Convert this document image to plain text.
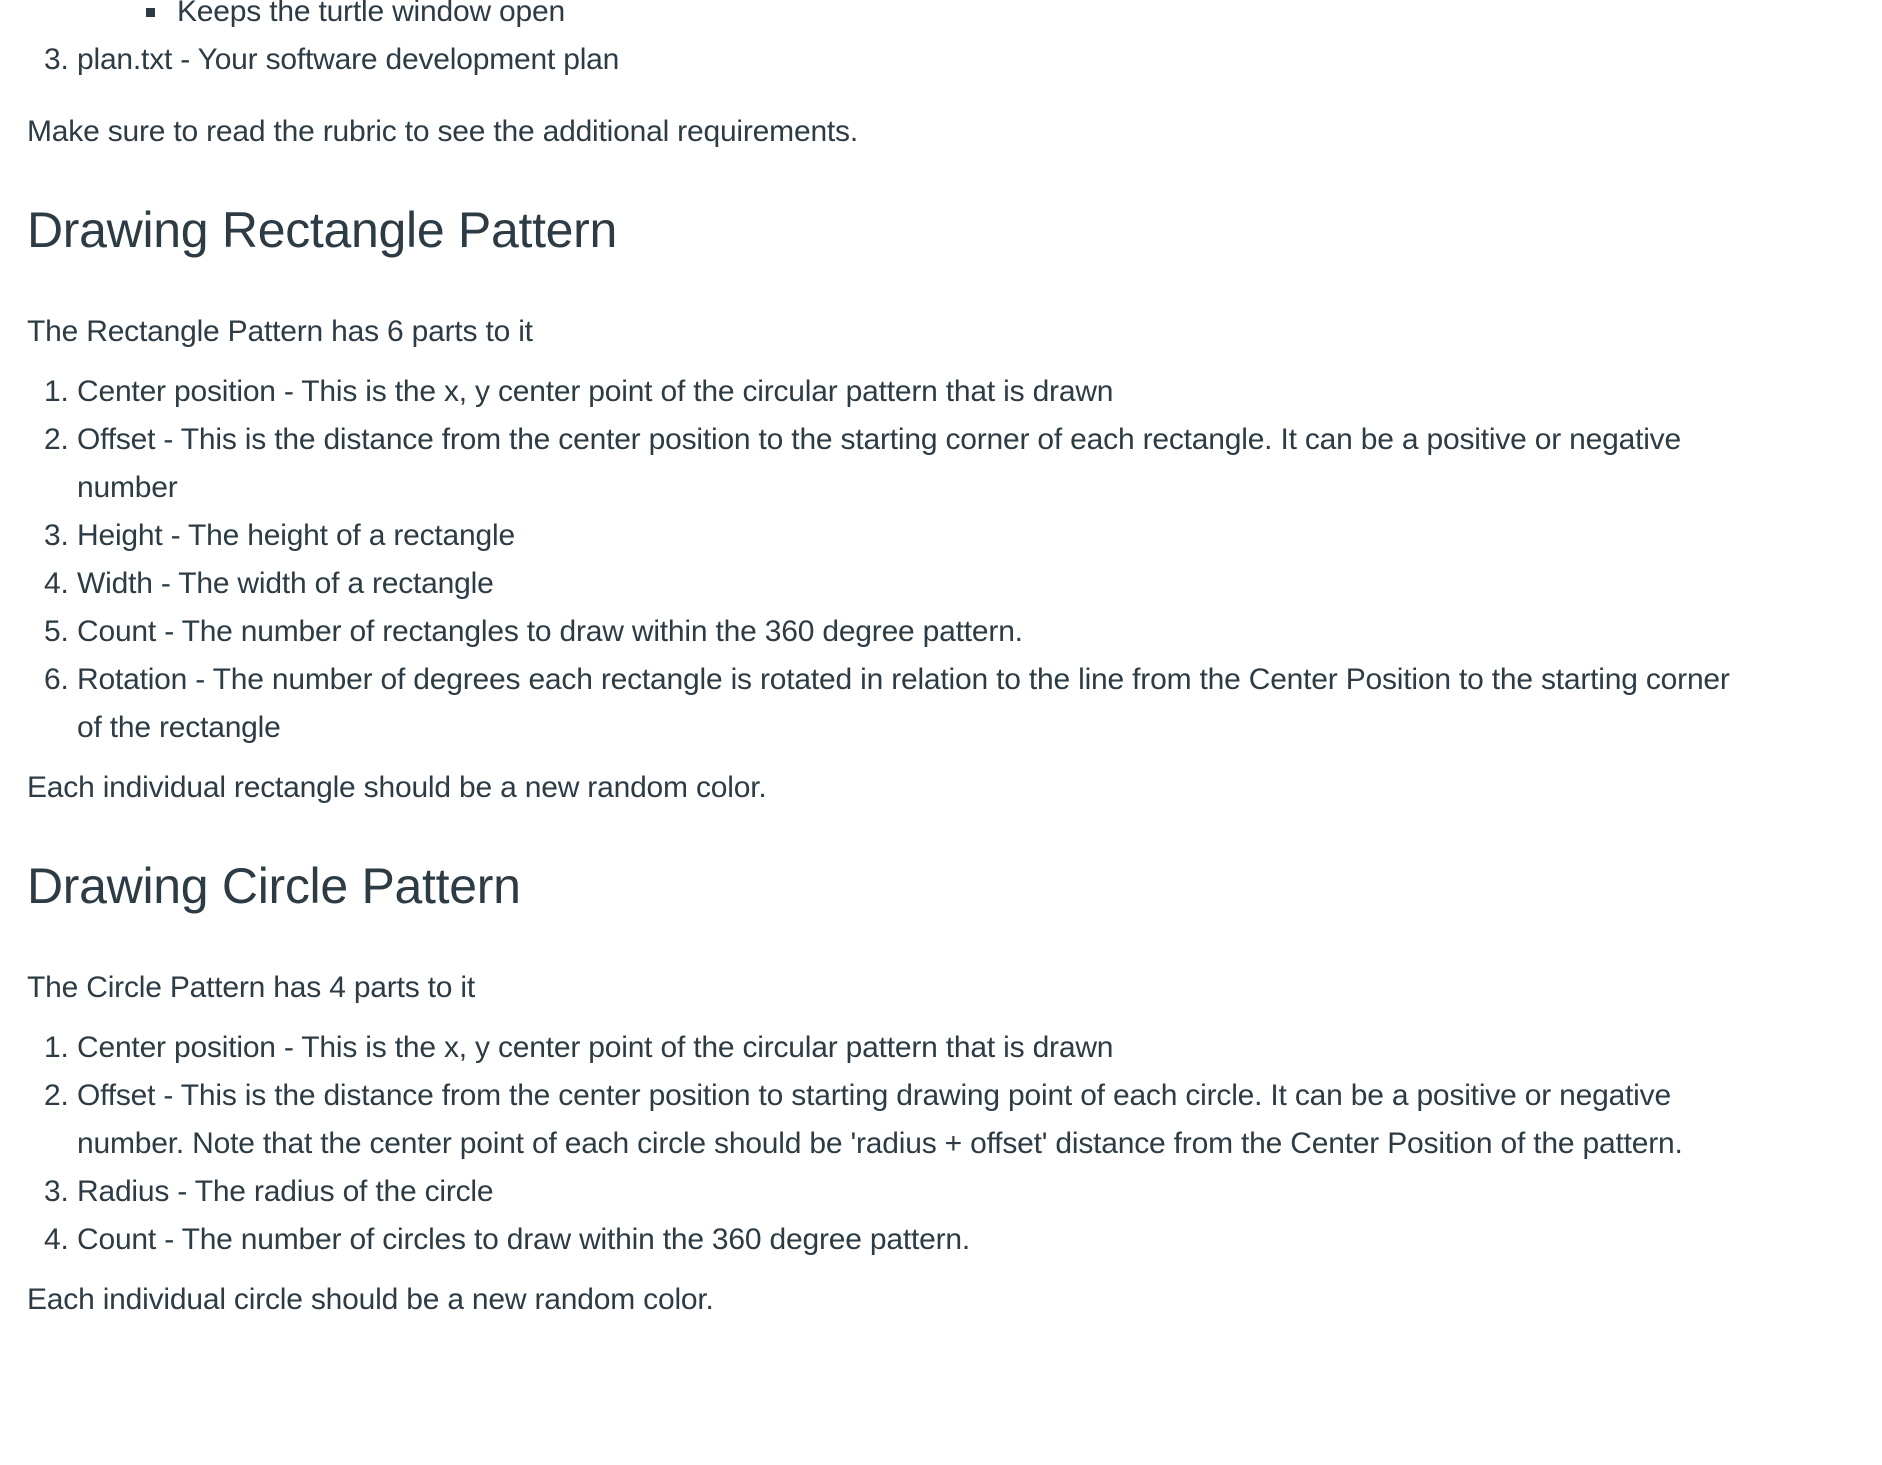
Keeps the turtle window open
3. plan.txt - Your software development plan

Make sure to read the rubric to see the additional requirements.

Drawing Rectangle Pattern

The Rectangle Pattern has 6 parts to it

1. Center position - This is the x, y center point of the circular pattern that is drawn
2. Offset - This is the distance from the center position to the starting corner of each rectangle. It can be a positive or negative number
3. Height - The height of a rectangle
4. Width - The width of a rectangle
5. Count - The number of rectangles to draw within the 360 degree pattern.
6. Rotation - The number of degrees each rectangle is rotated in relation to the line from the Center Position to the starting corner of the rectangle

Each individual rectangle should be a new random color.

Drawing Circle Pattern

The Circle Pattern has 4 parts to it

1. Center position - This is the x, y center point of the circular pattern that is drawn
2. Offset - This is the distance from the center position to starting drawing point of each circle. It can be a positive or negative number. Note that the center point of each circle should be 'radius + offset' distance from the Center Position of the pattern.
3. Radius - The radius of the circle
4. Count - The number of circles to draw within the 360 degree pattern.

Each individual circle should be a new random color.
